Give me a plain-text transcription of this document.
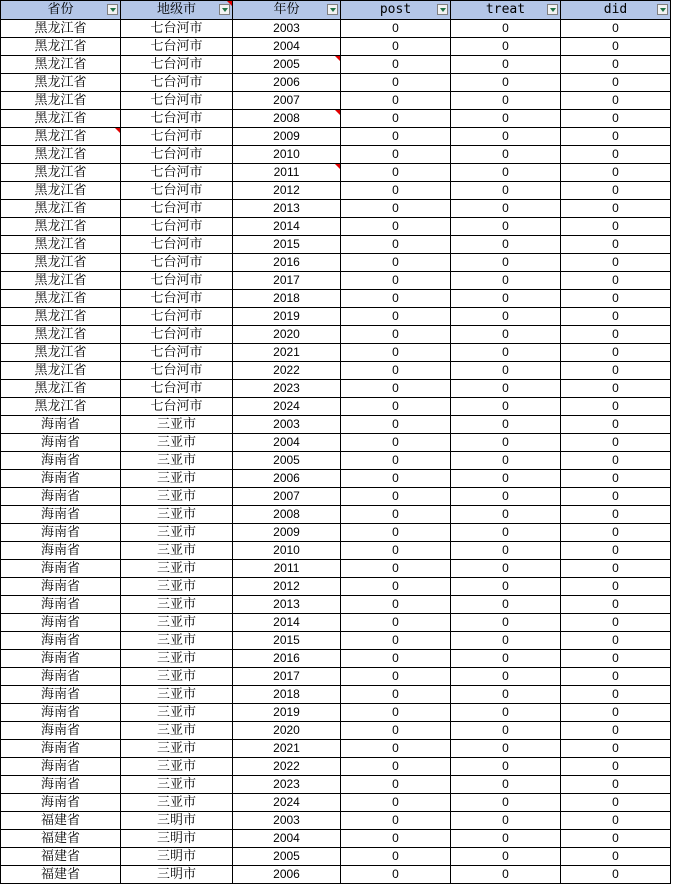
省份	地级市	年份	post	treat	did

黑龙江省	七台河市	2003	0	0	0
黑龙江省	七台河市	2004	0	0	0
黑龙江省	七台河市	2005	0	0	0
黑龙江省	七台河市	2006	0	0	0
黑龙江省	七台河市	2007	0	0	0
黑龙江省	七台河市	2008	0	0	0
黑龙江省	七台河市	2009	0	0	0
黑龙江省	七台河市	2010	0	0	0
黑龙江省	七台河市	2011	0	0	0
黑龙江省	七台河市	2012	0	0	0
黑龙江省	七台河市	2013	0	0	0
黑龙江省	七台河市	2014	0	0	0
黑龙江省	七台河市	2015	0	0	0
黑龙江省	七台河市	2016	0	0	0
黑龙江省	七台河市	2017	0	0	0
黑龙江省	七台河市	2018	0	0	0
黑龙江省	七台河市	2019	0	0	0
黑龙江省	七台河市	2020	0	0	0
黑龙江省	七台河市	2021	0	0	0
黑龙江省	七台河市	2022	0	0	0
黑龙江省	七台河市	2023	0	0	0
黑龙江省	七台河市	2024	0	0	0
海南省	三亚市	2003	0	0	0
海南省	三亚市	2004	0	0	0
海南省	三亚市	2005	0	0	0
海南省	三亚市	2006	0	0	0
海南省	三亚市	2007	0	0	0
海南省	三亚市	2008	0	0	0
海南省	三亚市	2009	0	0	0
海南省	三亚市	2010	0	0	0
海南省	三亚市	2011	0	0	0
海南省	三亚市	2012	0	0	0
海南省	三亚市	2013	0	0	0
海南省	三亚市	2014	0	0	0
海南省	三亚市	2015	0	0	0
海南省	三亚市	2016	0	0	0
海南省	三亚市	2017	0	0	0
海南省	三亚市	2018	0	0	0
海南省	三亚市	2019	0	0	0
海南省	三亚市	2020	0	0	0
海南省	三亚市	2021	0	0	0
海南省	三亚市	2022	0	0	0
海南省	三亚市	2023	0	0	0
海南省	三亚市	2024	0	0	0
福建省	三明市	2003	0	0	0
福建省	三明市	2004	0	0	0
福建省	三明市	2005	0	0	0
福建省	三明市	2006	0	0	0
